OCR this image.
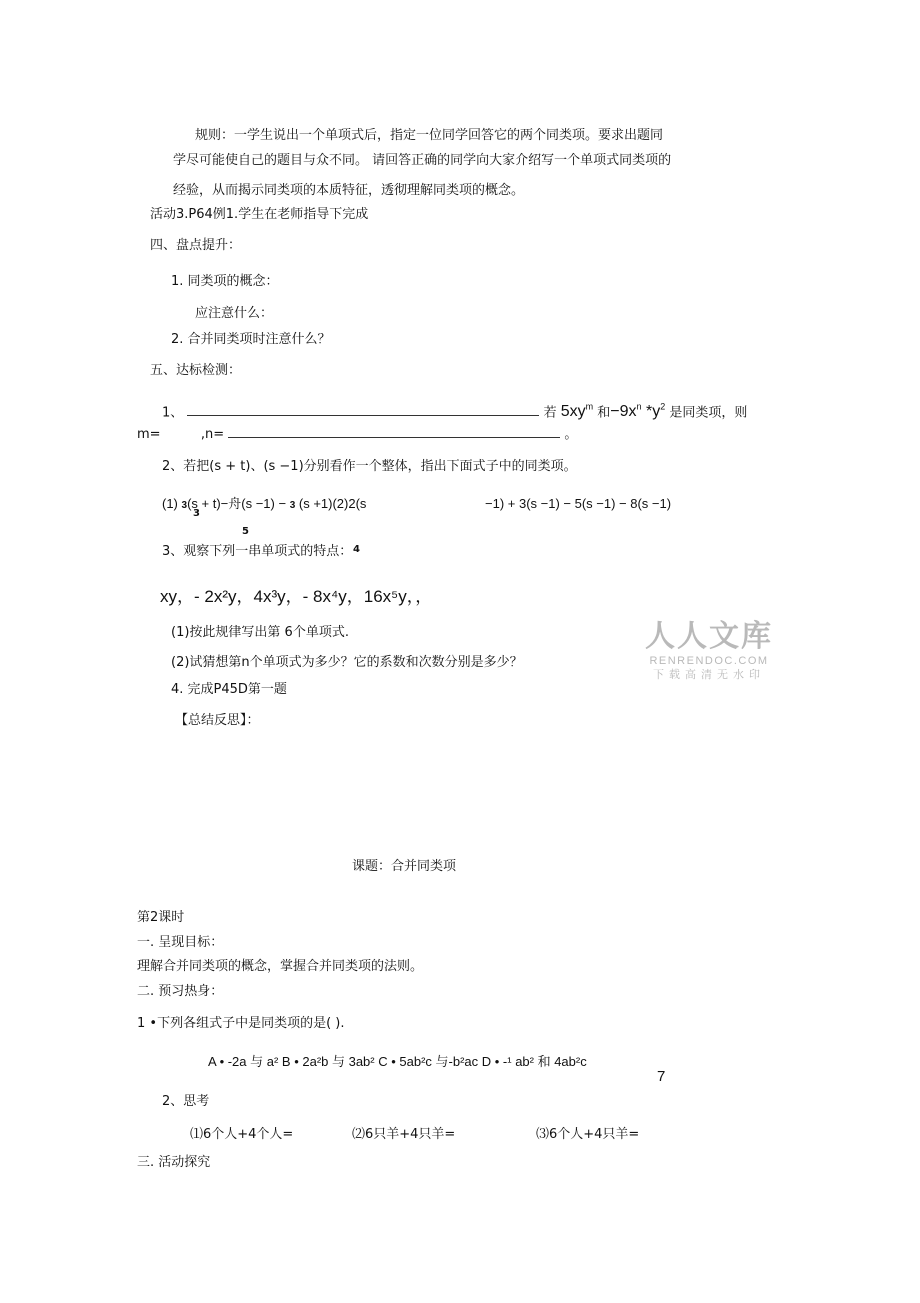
规则：一学生说出一个单项式后，指定一位同学回答它的两个同类项。要求出题同
学尽可能使自己的题目与众不同。 请回答正确的同学向大家介绍写一个单项式同类项的
经验，从而揭示同类项的本质特征，透彻理解同类项的概念。
活动3.P64例1.学生在老师指导下完成
四、盘点提升：
1. 同类项的概念：
应注意什么：
2. 合并同类项时注意什么？
五、达标检测：
1、	若 $5xy^m$ 和$-9x^n$ $*y^2$ 是同类项，则
m=	,n=	。
2、若把(s + t)、(s −1)分别看作一个整体，指出下面式子中的同类项。
(1) 3(s + t)−舟(s −1) − 3 (s +1)(2)2(s
3
5
4
−1) + 3(s −1) − 5(s −1) − 8(s −1)
3、观察下列一串单项式的特点：
xy，- 2x²y，4x³y，- 8x⁴y，16x⁵y，，
(1)按此规律写出第 6个单项式.
(2)试猜想第n个单项式为多少？它的系数和次数分别是多少？
4. 完成P45D第一题
【总结反思】：
人人文库
RENRENDOC.COM
下载高清无水印
课题：合并同类项
第2课时
一. 呈现目标：
理解合并同类项的概念，掌握合并同类项的法则。
二. 预习热身：
1 •下列各组式子中是同类项的是( ).
A • -2a 与 a² B • 2a²b 与 3ab² C • 5ab²c 与-b²ac D • -¹ ab² 和 4ab²c
7
2、思考
⑴6个人+4个人=	⑵6只羊+4只羊=	⑶6个人+4只羊=
三. 活动探究
